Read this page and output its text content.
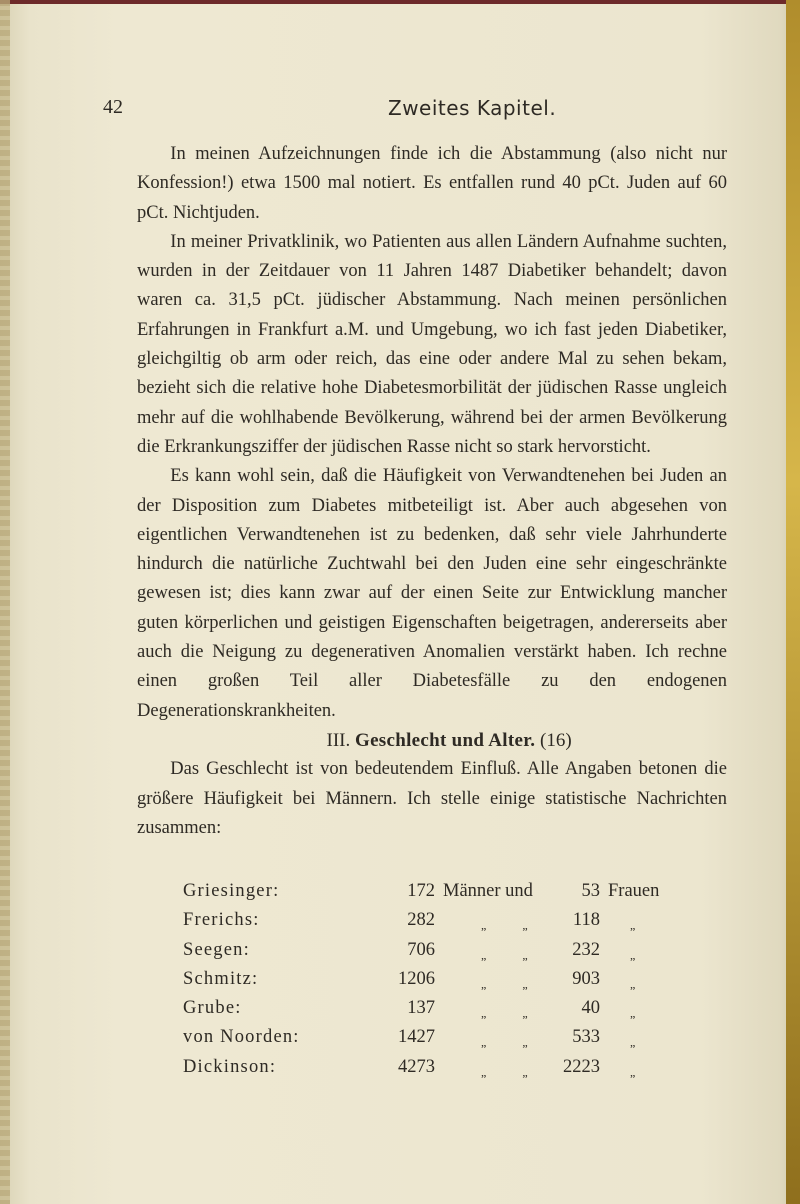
42	Zweites Kapitel.

In meinen Aufzeichnungen finde ich die Abstammung (also nicht nur Konfession!) etwa 1500 mal notiert. Es entfallen rund 40 pCt. Juden auf 60 pCt. Nichtjuden.

In meiner Privatklinik, wo Patienten aus allen Ländern Aufnahme suchten, wurden in der Zeitdauer von 11 Jahren 1487 Diabetiker behandelt; davon waren ca. 31,5 pCt. jüdischer Abstammung. Nach meinen persönlichen Erfahrungen in Frankfurt a.M. und Umgebung, wo ich fast jeden Diabetiker, gleichgiltig ob arm oder reich, das eine oder andere Mal zu sehen bekam, bezieht sich die relative hohe Diabetesmorbilität der jüdischen Rasse ungleich mehr auf die wohlhabende Bevölkerung, während bei der armen Bevölkerung die Erkrankungsziffer der jüdischen Rasse nicht so stark hervorsticht.

Es kann wohl sein, daß die Häufigkeit von Verwandtenehen bei Juden an der Disposition zum Diabetes mitbeteiligt ist. Aber auch abgesehen von eigentlichen Verwandtenehen ist zu bedenken, daß sehr viele Jahrhunderte hindurch die natürliche Zuchtwahl bei den Juden eine sehr eingeschränkte gewesen ist; dies kann zwar auf der einen Seite zur Entwicklung mancher guten körperlichen und geistigen Eigenschaften beigetragen, andererseits aber auch die Neigung zu degenerativen Anomalien verstärkt haben. Ich rechne einen großen Teil aller Diabetesfälle zu den endogenen Degenerationskrankheiten.

III. Geschlecht und Alter. (16)

Das Geschlecht ist von bedeutendem Einfluß. Alle Angaben betonen die größere Häufigkeit bei Männern. Ich stelle einige statistische Nachrichten zusammen:

Griesinger:	172 Männer und	53 Frauen
Frerichs:	282	„	„	118	„
Seegen:	706	„	„	232	„
Schmitz:	1206	„	„	903	„
Grube:	137	„	„	40	„
von Noorden:	1427	„	„	533	„
Dickinson:	4273	„	„	2223	„
